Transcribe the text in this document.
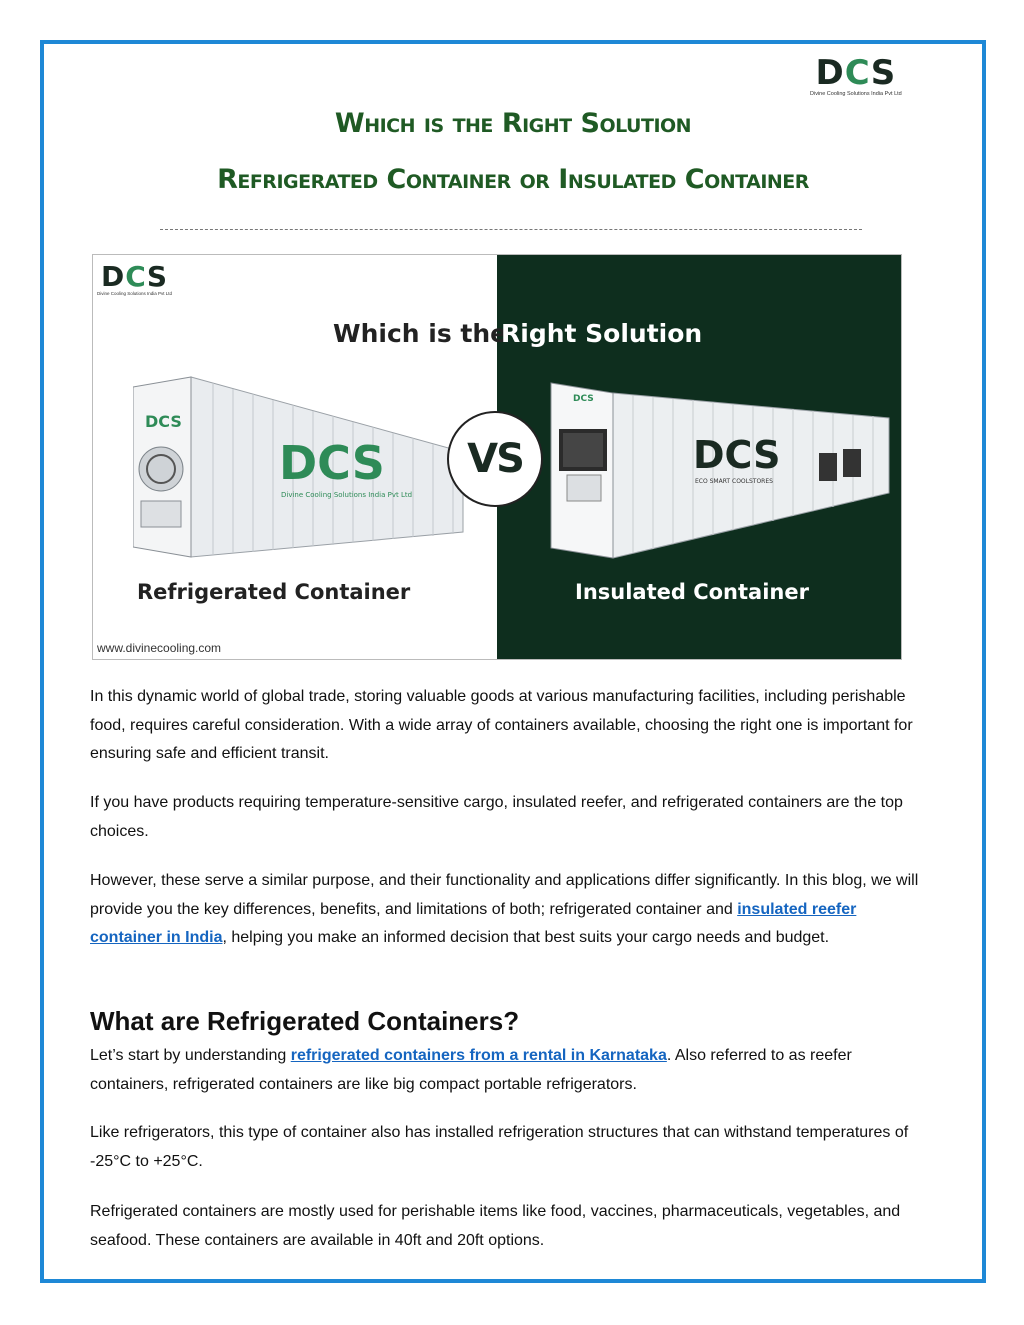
D C S
Divine Cooling Solutions India Pvt Ltd
Which is the Right Solution
Refrigerated Container or Insulated Container
D C S
Divine Cooling Solutions India Pvt Ltd
Which is the
Right Solution
DCS
DCS
Divine Cooling Solutions India Pvt Ltd
VS
DCS
DCS
ECO SMART COOLSTORES
Refrigerated Container	Insulated Container
www.divinecooling.com

In this dynamic world of global trade, storing valuable goods at various manufacturing facilities, including perishable food, requires careful consideration. With a wide array of containers available, choosing the right one is important for ensuring safe and efficient transit.

If you have products requiring temperature-sensitive cargo, insulated reefer, and refrigerated containers are the top choices.

However, these serve a similar purpose, and their functionality and applications differ significantly. In this blog, we will provide you the key differences, benefits, and limitations of both; refrigerated container and insulated reefer container in India, helping you make an informed decision that best suits your cargo needs and budget.

What are Refrigerated Containers?

Let’s start by understanding refrigerated containers from a rental in Karnataka. Also referred to as reefer containers, refrigerated containers are like big compact portable refrigerators.

Like refrigerators, this type of container also has installed refrigeration structures that can withstand temperatures of -25°C to +25°C.

Refrigerated containers are mostly used for perishable items like food, vaccines, pharmaceuticals, vegetables, and seafood. These containers are available in 40ft and 20ft options.
